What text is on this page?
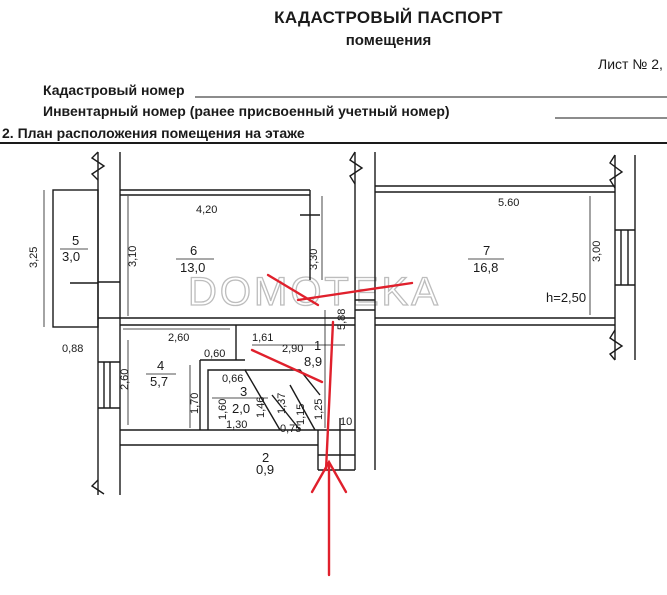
КАДАСТРОВЫЙ ПАСПОРТ
помещения
Лист № 2,
Кадастровый номер
Инвентарный номер (ранее присвоенный учетный номер)
2. План расположения помещения на этаже
DOMOTEKA
5
3,0	6
13,0
7
16,8
4
5,7
3
2,0
1
8,9
2
0,9
4,20
5.60
3,25	3,10	3,30	3,00
5,88
h=2,50
0,88
2,60
2,60
1,61
2,90
0,60
0,66
1,70 1,60 1,46 1,37
1,15 1,25
1,30	0,75
10
